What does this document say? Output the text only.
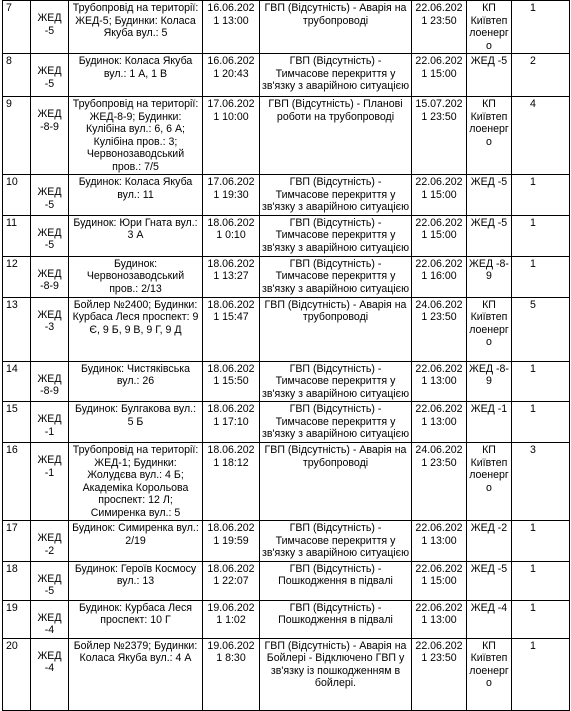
7	ЖЕД -5	Трубопровід на території: ЖЕД-5; Будинки: Коласа Якуба вул.: 5	16.06.2021 13:00	ГВП (Відсутність) - Аварія на трубопроводі	22.06.2021 23:50	КП Київтеплоенерго	1
8	ЖЕД -5	Будинок: Коласа Якуба вул.: 1 А, 1 В	16.06.2021 20:43	ГВП (Відсутність) - Тимчасове перекриття у зв'язку з аварійною ситуацією	22.06.2021 15:00	ЖЕД -5	2
9	ЖЕД -8-9	Трубопровід на території: ЖЕД-8-9; Будинки: Кулібіна вул.: 6, 6 А; Кулібіна пров.: 3; Червонозаводський пров.: 7/5	17.06.2021 10:00	ГВП (Відсутність) - Планові роботи на трубопроводі	15.07.2021 23:50	КП Київтеплоенерго	4
10	ЖЕД -5	Будинок: Коласа Якуба вул.: 11	17.06.2021 19:30	ГВП (Відсутність) - Тимчасове перекриття у зв'язку з аварійною ситуацією	22.06.2021 15:00	ЖЕД -5	1
11	ЖЕД -5	Будинок: Юри Гната вул.: 3 А	18.06.2021 0:10	ГВП (Відсутність) - Тимчасове перекриття у зв'язку з аварійною ситуацією	22.06.2021 15:00	ЖЕД -5	1
12	ЖЕД -8-9	Будинок: Червонозаводський пров.: 2/13	18.06.2021 13:27	ГВП (Відсутність) - Тимчасове перекриття у зв'язку з аварійною ситуацією	22.06.2021 16:00	ЖЕД -8-9	1
13	ЖЕД -3	Бойлер №2400; Будинки: Курбаса Леся проспект: 9 Є, 9 Б, 9 В, 9 Г, 9 Д	18.06.2021 15:47	ГВП (Відсутність) - Аварія на трубопроводі	24.06.2021 23:50	КП Київтеплоенерго	5
14	ЖЕД -8-9	Будинок: Чистяківська вул.: 26	18.06.2021 15:50	ГВП (Відсутність) - Тимчасове перекриття у зв'язку з аварійною ситуацією	22.06.2021 13:00	ЖЕД -8-9	1
15	ЖЕД -1	Будинок: Булгакова вул.: 5 Б	18.06.2021 17:10	ГВП (Відсутність) - Тимчасове перекриття у зв'язку з аварійною ситуацією	22.06.2021 13:00	ЖЕД -1	1
16	ЖЕД -1	Трубопровід на території: ЖЕД-1; Будинки: Жолудєва вул.: 4 Б; Академіка Корольова проспект: 12 Л; Симиренка вул.: 5	18.06.2021 18:12	ГВП (Відсутність) - Аварія на трубопроводі	24.06.2021 23:50	КП Київтеплоенерго	3
17	ЖЕД -2	Будинок: Симиренка вул.: 2/19	18.06.2021 19:59	ГВП (Відсутність) - Тимчасове перекриття у зв'язку з аварійною ситуацією	22.06.2021 13:00	ЖЕД -2	1
18	ЖЕД -5	Будинок: Героїв Космосу вул.: 13	18.06.2021 22:07	ГВП (Відсутність) - Пошкодження в підвалі	22.06.2021 15:00	ЖЕД -5	1
19	ЖЕД -4	Будинок: Курбаса Леся проспект: 10 Г	19.06.2021 1:02	ГВП (Відсутність) - Пошкодження в підвалі	22.06.2021 13:00	ЖЕД -4	1
20	ЖЕД -4	Бойлер №2379; Будинки: Коласа Якуба вул.: 4 А	19.06.2021 8:30	ГВП (Відсутність) - Аварія на Бойлері - Відключено ГВП у зв'язку із пошкодженням в бойлері.	22.06.2021 23:50	КП Київтеплоенерго	1
